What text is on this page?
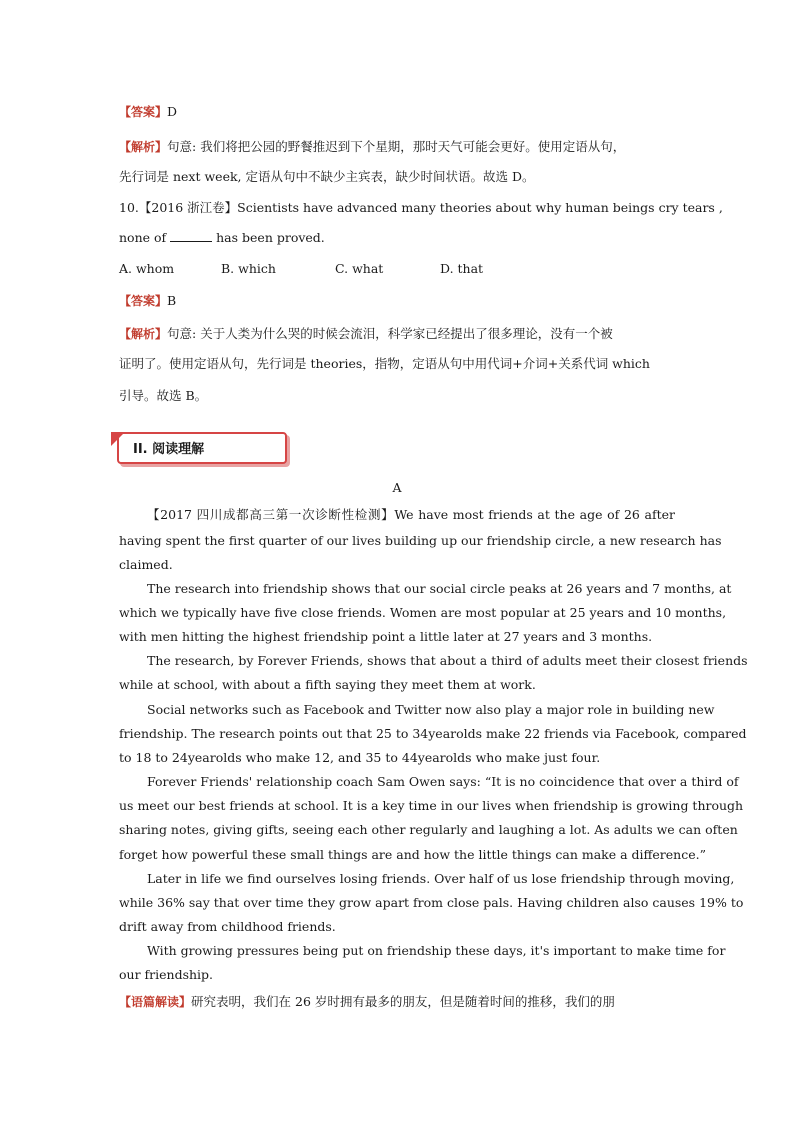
【答案】D
【解析】句意: 我们将把公园的野餐推迟到下个星期，那时天气可能会更好。使用定语从句，
先行词是 next week, 定语从句中不缺少主宾表，缺少时间状语。故选 D。
10.【2016 浙江卷】Scientists have advanced many theories about why human beings cry tears ,
none of	has been proved.
A. whom	B. which	C. what	D. that
【答案】B
【解析】句意: 关于人类为什么哭的时候会流泪，科学家已经提出了很多理论，没有一个被
证明了。使用定语从句，先行词是 theories，指物，定语从句中用代词+介词+关系代词 which
引导。故选 B。
II. 阅读理解
A
【2017 四川成都高三第一次诊断性检测】We have most friends at the age of 26 after
having spent the first quarter of our lives building up our friendship circle, a new research has
claimed.
The research into friendship shows that our social circle peaks at 26 years and 7 months, at
which we typically have five close friends. Women are most popular at 25 years and 10 months,
with men hitting the highest friendship point a little later at 27 years and 3 months.
The research, by Forever Friends, shows that about a third of adults meet their closest friends
while at school, with about a fifth saying they meet them at work.
Social networks such as Facebook and Twitter now also play a major role in building new
friendship. The research points out that 25 to 34yearolds make 22 friends via Facebook, compared
to 18 to 24yearolds who make 12, and 35 to 44yearolds who make just four.
Forever Friends' relationship coach Sam Owen says: “It is no coincidence that over a third of
us meet our best friends at school. It is a key time in our lives when friendship is growing through
sharing notes, giving gifts, seeing each other regularly and laughing a lot. As adults we can often
forget how powerful these small things are and how the little things can make a difference.”
Later in life we find ourselves losing friends. Over half of us lose friendship through moving,
while 36% say that over time they grow apart from close pals. Having children also causes 19% to
drift away from childhood friends.
With growing pressures being put on friendship these days, it's important to make time for
our friendship.
【语篇解读】研究表明，我们在 26 岁时拥有最多的朋友，但是随着时间的推移，我们的朋
